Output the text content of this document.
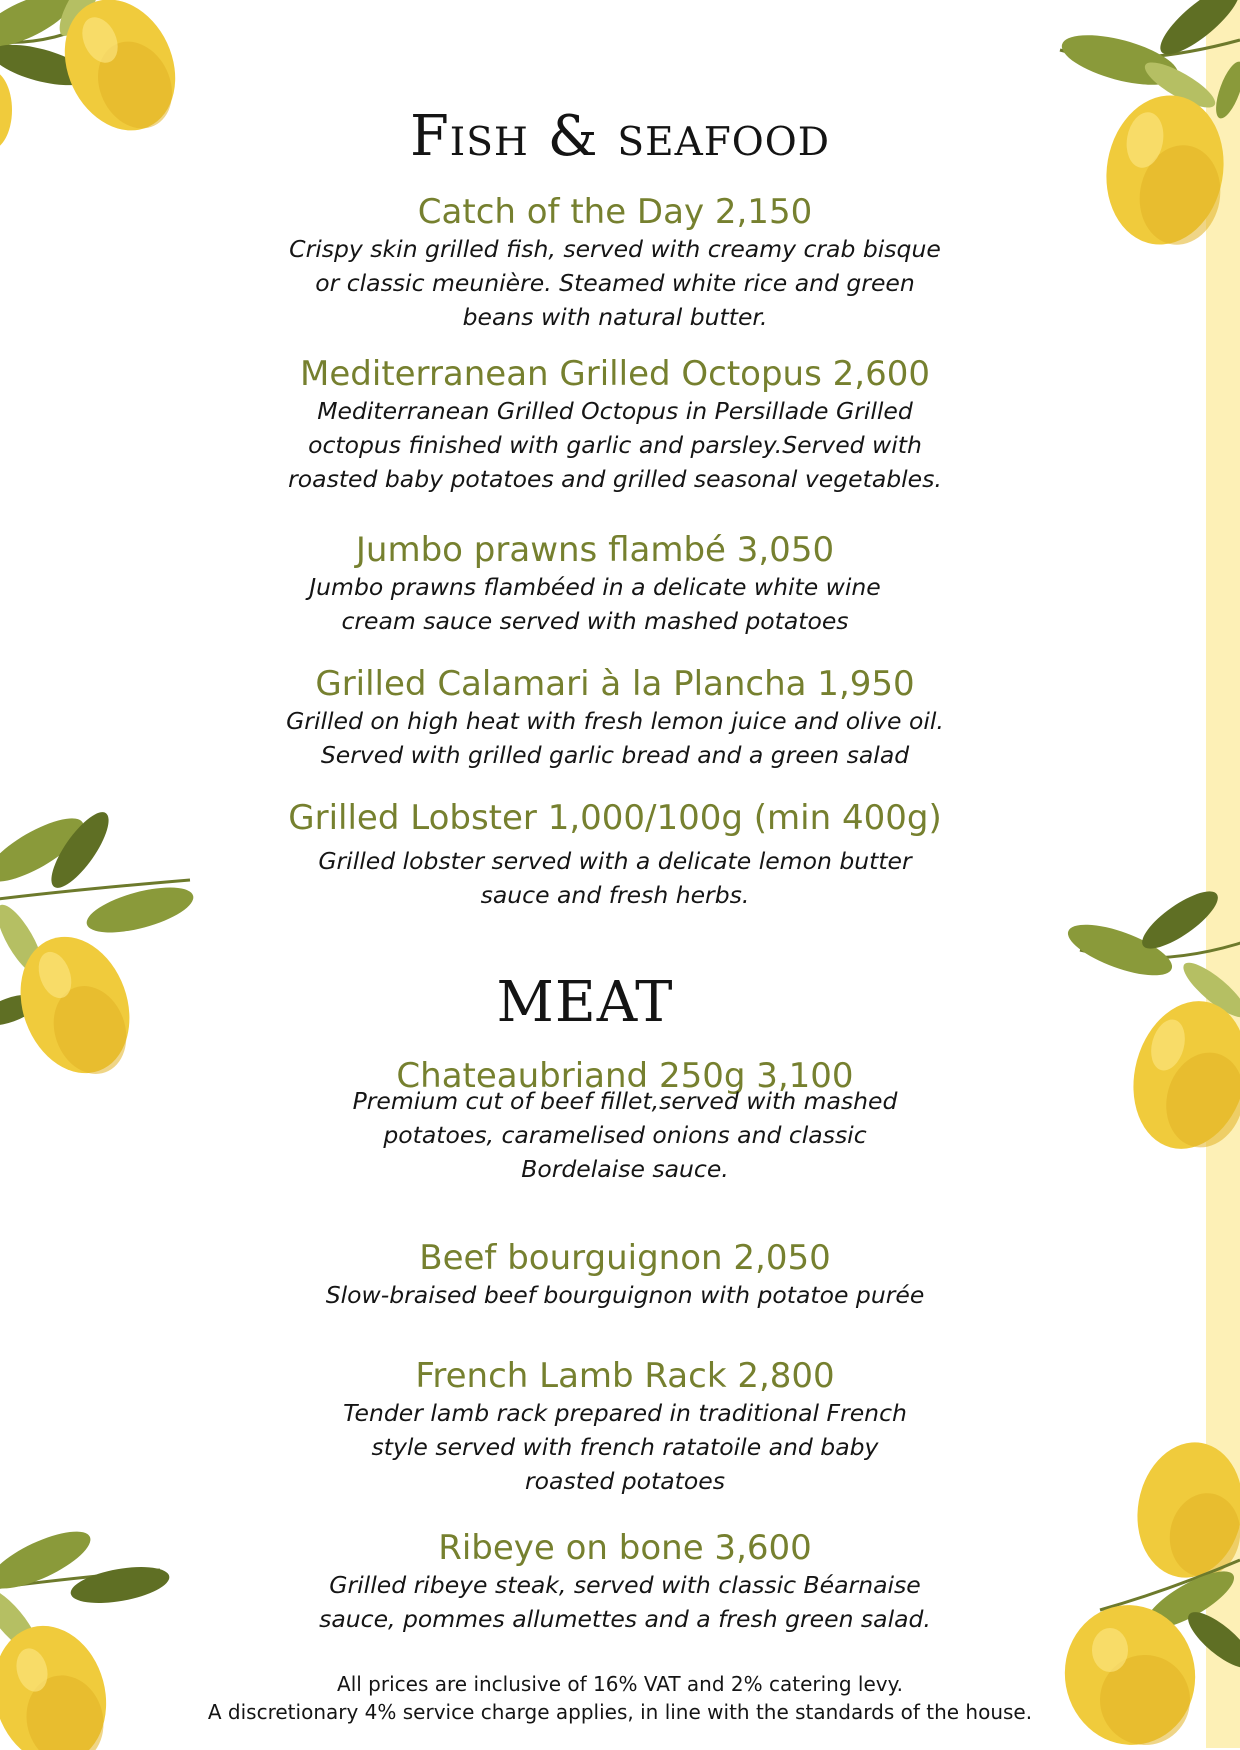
Fish & seafood
Catch of the Day 2,150
Crispy skin grilled fish, served with creamy crab bisque
or classic meunière. Steamed white rice and green
beans with natural butter.
Mediterranean Grilled Octopus 2,600
Mediterranean Grilled Octopus in Persillade Grilled
octopus finished with garlic and parsley.Served with
roasted baby potatoes and grilled seasonal vegetables.
Jumbo prawns flambé 3,050
Jumbo prawns flambéed in a delicate white wine
cream sauce served with mashed potatoes
Grilled Calamari à la Plancha 1,950
Grilled on high heat with fresh lemon juice and olive oil.
Served with grilled garlic bread and a green salad
Grilled Lobster 1,000/100g (min 400g)
Grilled lobster served with a delicate lemon butter
sauce and fresh herbs.
MEAT
Chateaubriand 250g 3,100
Premium cut of beef fillet,served with mashed
potatoes, caramelised onions and classic
Bordelaise sauce.
Beef bourguignon 2,050
Slow-braised beef bourguignon with potatoe purée
French Lamb Rack 2,800
Tender lamb rack prepared in traditional French
style served with french ratatoile and baby
roasted potatoes
Ribeye on bone 3,600
Grilled ribeye steak, served with classic Béarnaise
sauce, pommes allumettes and a fresh green salad.
All prices are inclusive of 16% VAT and 2% catering levy.
A discretionary 4% service charge applies, in line with the standards of the house.
